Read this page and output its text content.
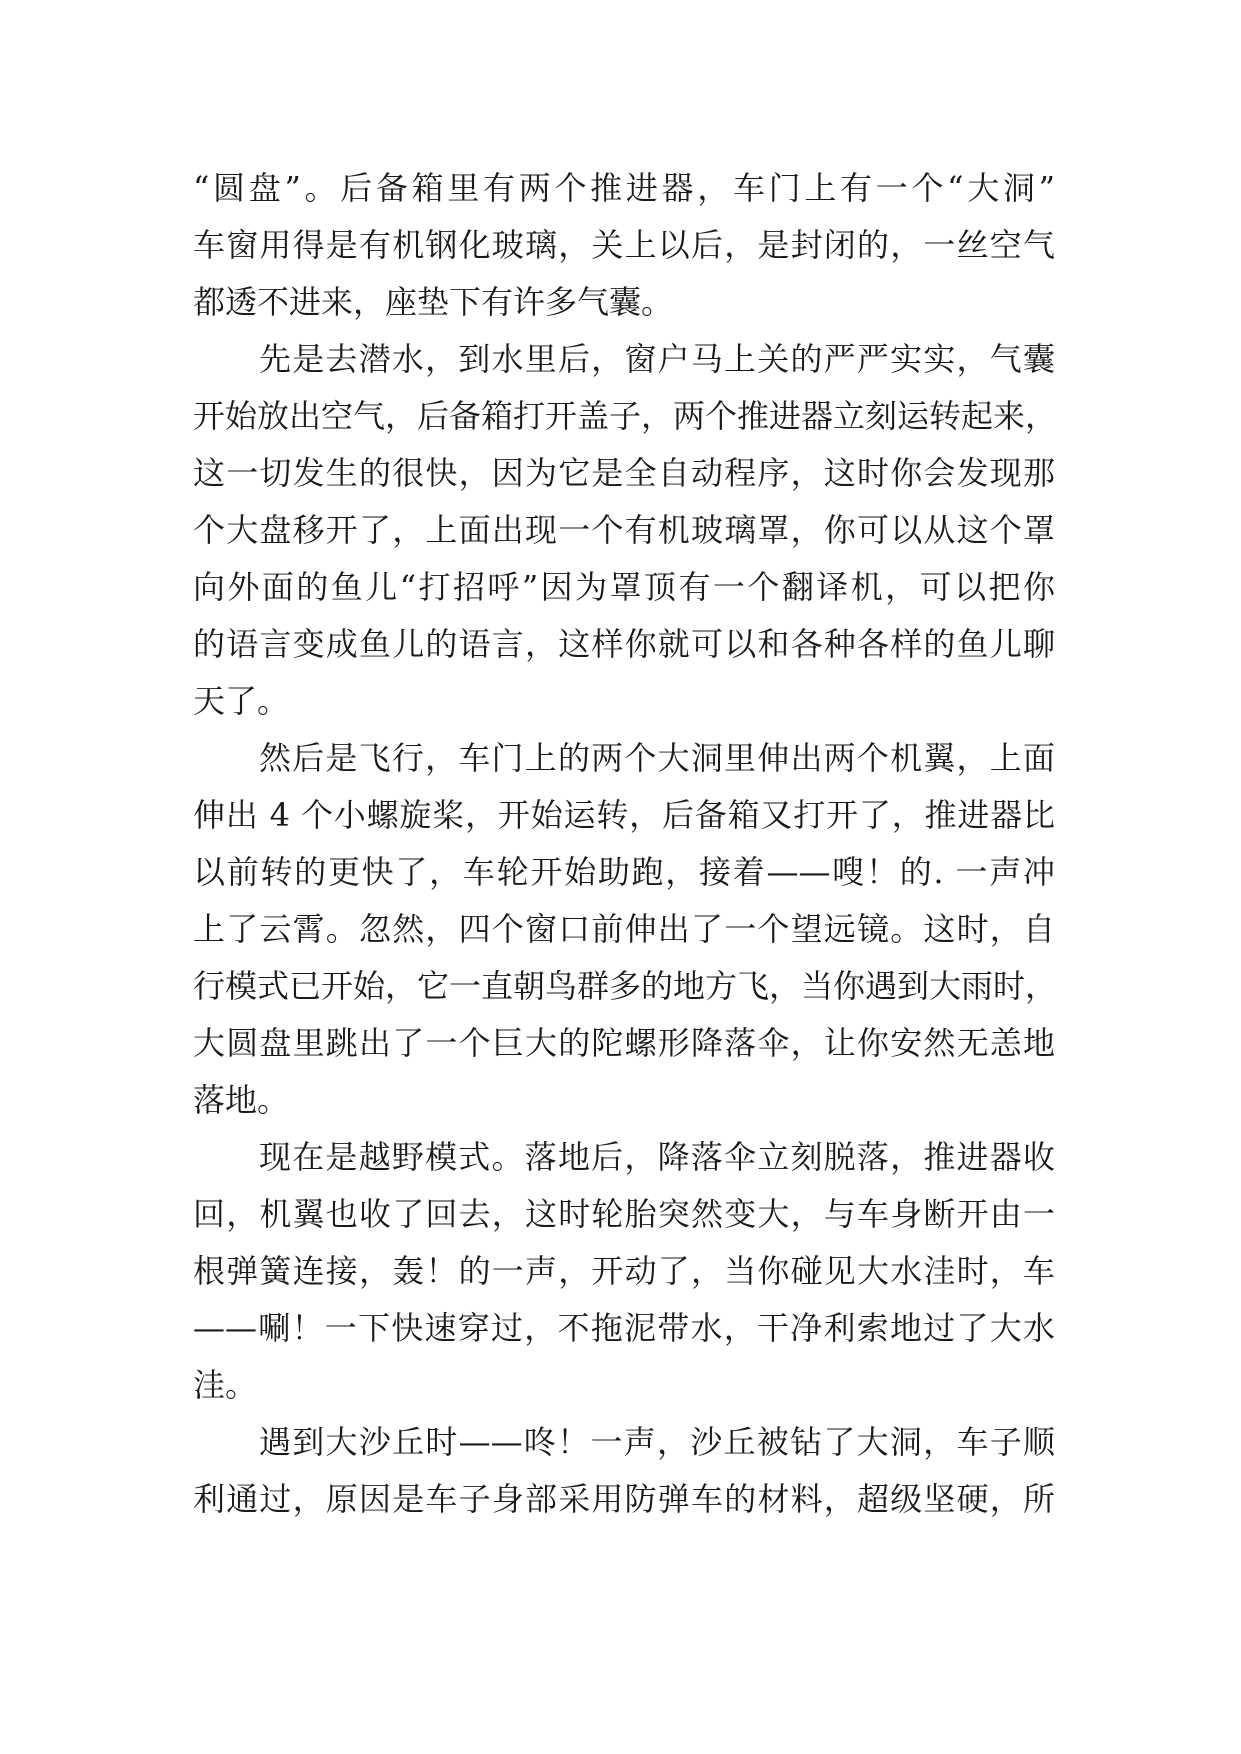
“圆盘”。后备箱里有两个推进器，车门上有一个“大洞”
车窗用得是有机钢化玻璃，关上以后，是封闭的，一丝空气
都透不进来，座垫下有许多气囊。
先是去潜水，到水里后，窗户马上关的严严实实，气囊
开始放出空气，后备箱打开盖子，两个推进器立刻运转起来，
这一切发生的很快，因为它是全自动程序，这时你会发现那
个大盘移开了，上面出现一个有机玻璃罩，你可以从这个罩
向外面的鱼儿“打招呼”因为罩顶有一个翻译机，可以把你
的语言变成鱼儿的语言，这样你就可以和各种各样的鱼儿聊
天了。
然后是飞行，车门上的两个大洞里伸出两个机翼，上面
伸出 4 个小螺旋桨，开始运转，后备箱又打开了，推进器比
以前转的更快了，车轮开始助跑，接着——嗖！的. 一声冲
上了云霄。忽然，四个窗口前伸出了一个望远镜。这时，自
行模式已开始，它一直朝鸟群多的地方飞，当你遇到大雨时，
大圆盘里跳出了一个巨大的陀螺形降落伞，让你安然无恙地
落地。
现在是越野模式。落地后，降落伞立刻脱落，推进器收
回，机翼也收了回去，这时轮胎突然变大，与车身断开由一
根弹簧连接，轰！的一声，开动了，当你碰见大水洼时，车
——唰！一下快速穿过，不拖泥带水，干净利索地过了大水
洼。
遇到大沙丘时——咚！一声，沙丘被钻了大洞，车子顺
利通过，原因是车子身部采用防弹车的材料，超级坚硬，所
